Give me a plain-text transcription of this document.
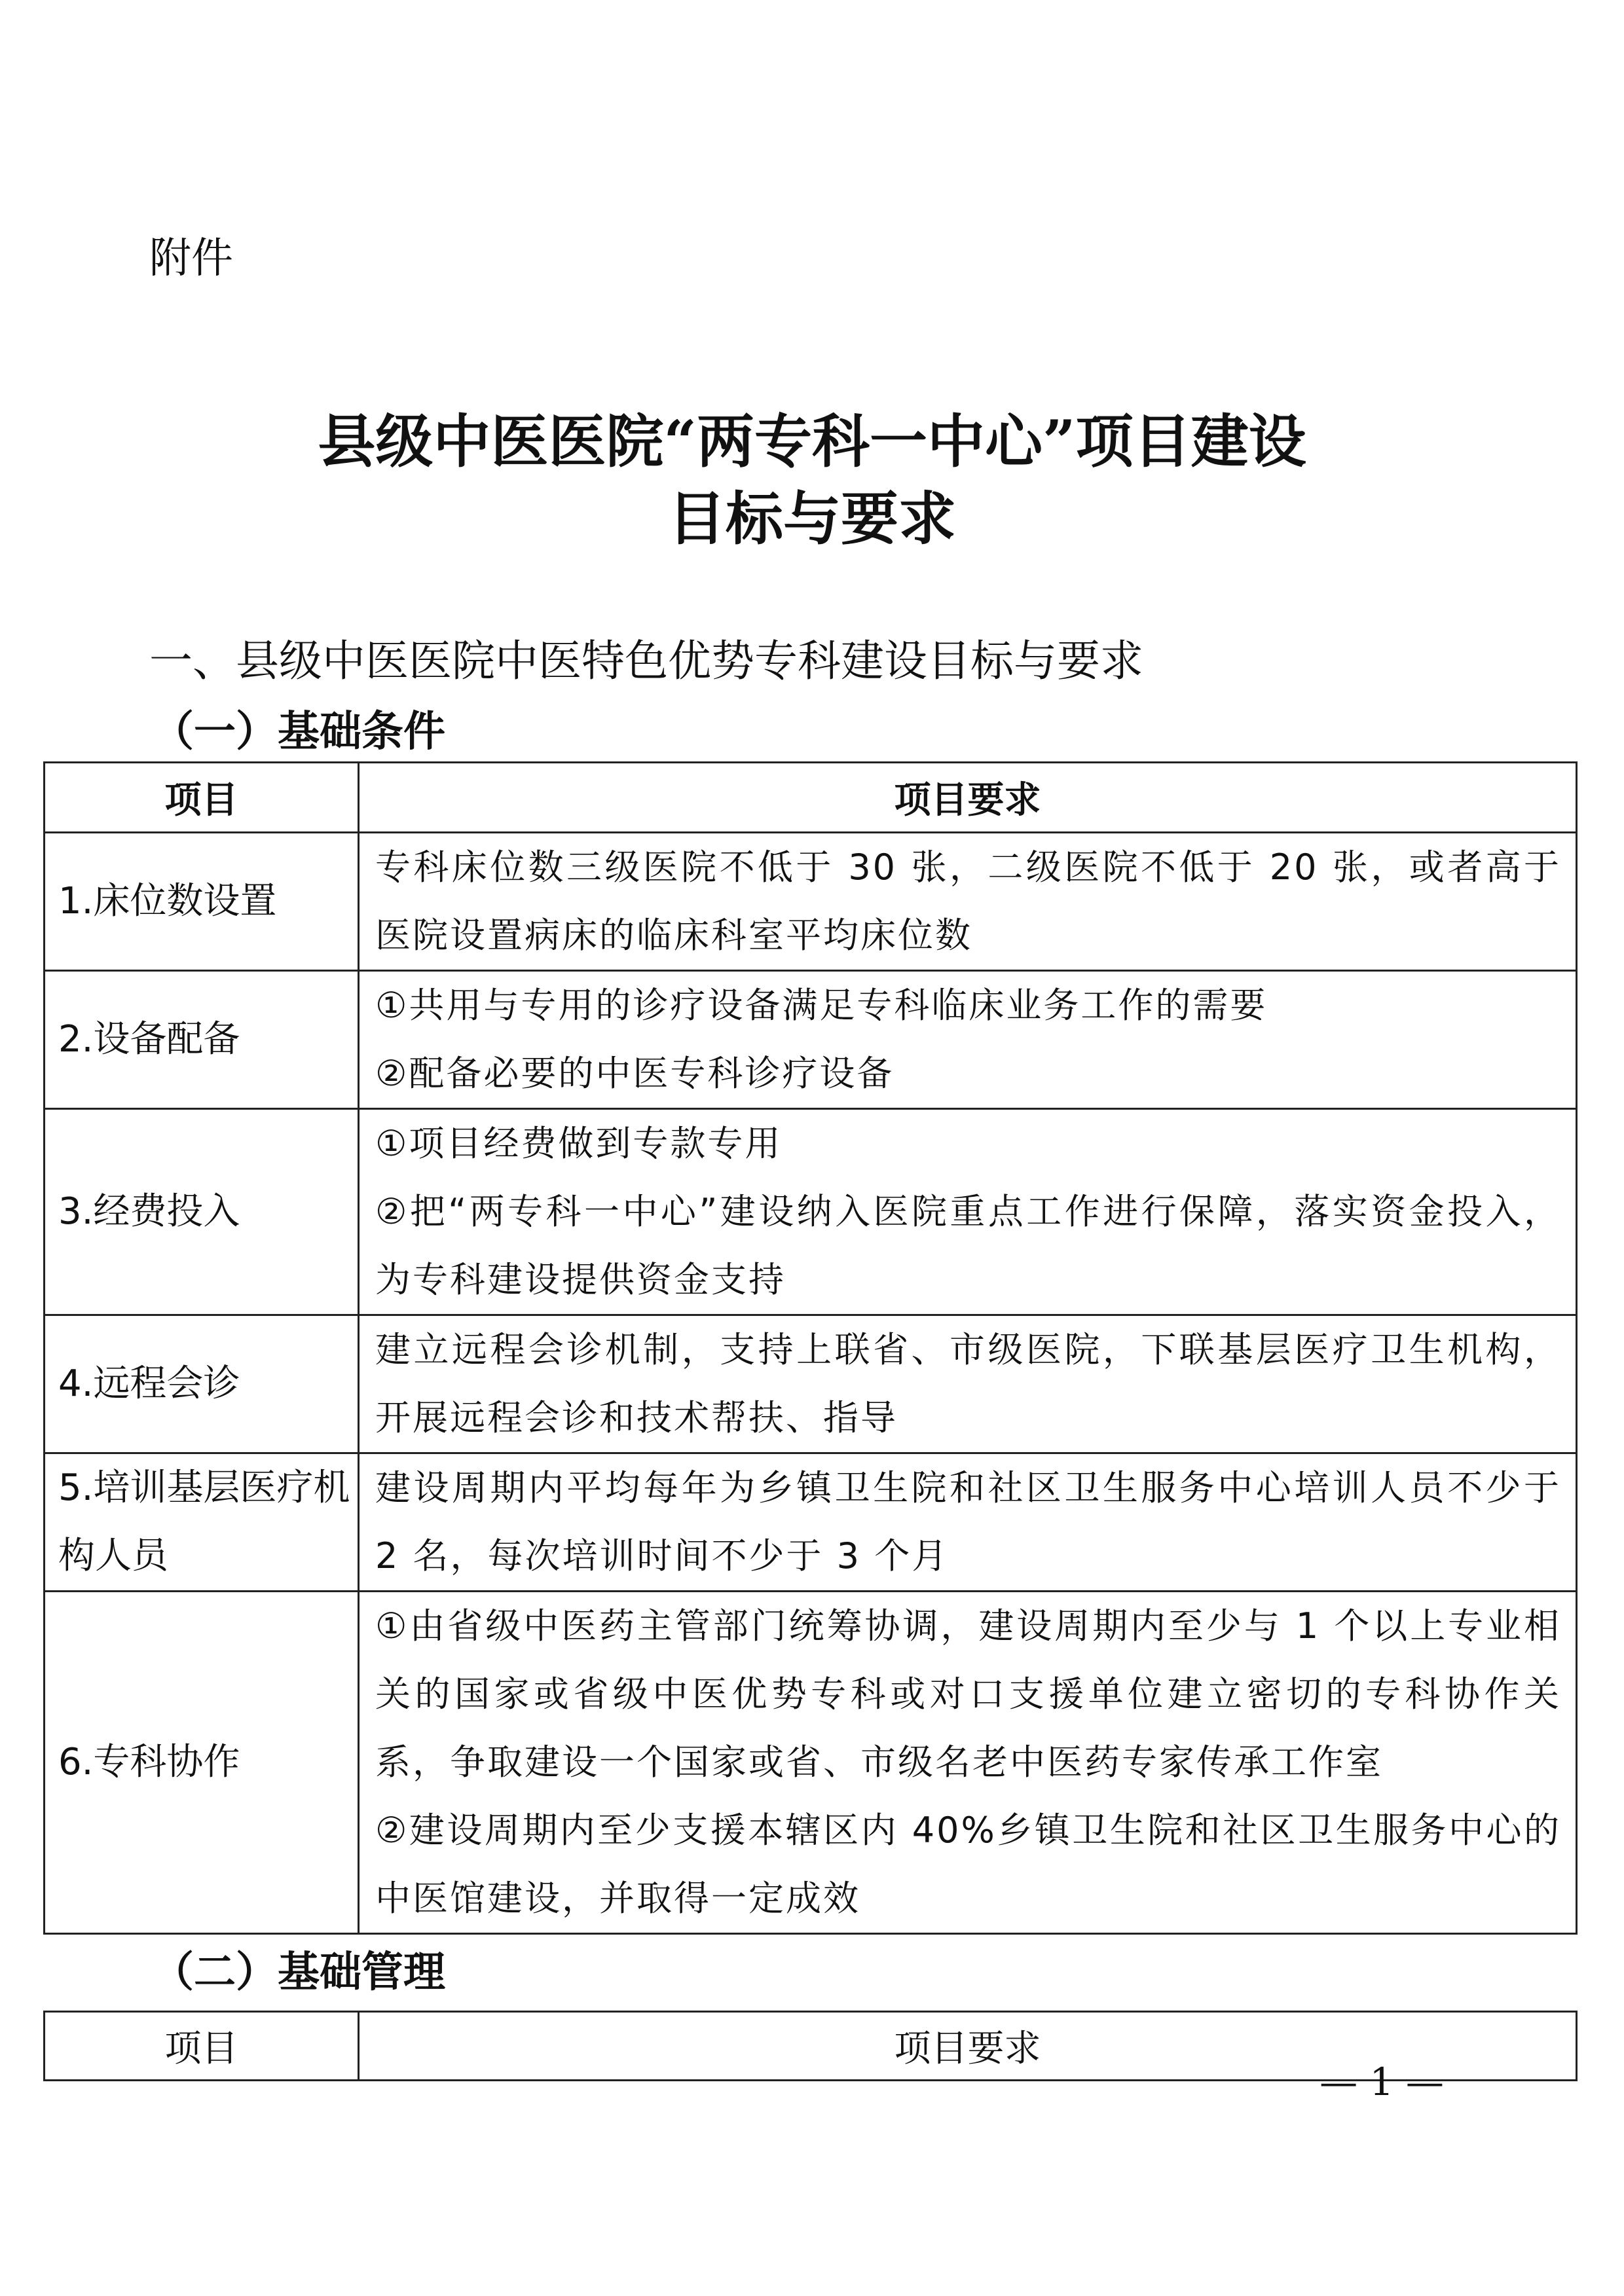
附件
县级中医医院“两专科一中心”项目建设
目标与要求
一、县级中医医院中医特色优势专科建设目标与要求
（一）基础条件
项目	项目要求
1.床位数设置	专科床位数三级医院不低于 30 张，二级医院不低于 20 张，或者高于医院设置病床的临床科室平均床位数

2.设备配备	①共用与专用的诊疗设备满足专科临床业务工作的需要
②配备必要的中医专科诊疗设备

3.经费投入	①项目经费做到专款专用
②把“两专科一中心”建设纳入医院重点工作进行保障，落实资金投入，为专科建设提供资金支持

4.远程会诊	建立远程会诊机制，支持上联省、市级医院，下联基层医疗卫生机构，开展远程会诊和技术帮扶、指导

5.培训基层医疗机构人员	建设周期内平均每年为乡镇卫生院和社区卫生服务中心培训人员不少于 2 名，每次培训时间不少于 3 个月

6.专科协作	①由省级中医药主管部门统筹协调，建设周期内至少与 1 个以上专业相关的国家或省级中医优势专科或对口支援单位建立密切的专科协作关系，争取建设一个国家或省、市级名老中医药专家传承工作室
②建设周期内至少支援本辖区内 40%乡镇卫生院和社区卫生服务中心的中医馆建设，并取得一定成效
（二）基础管理
项目	项目要求
— 1 —
